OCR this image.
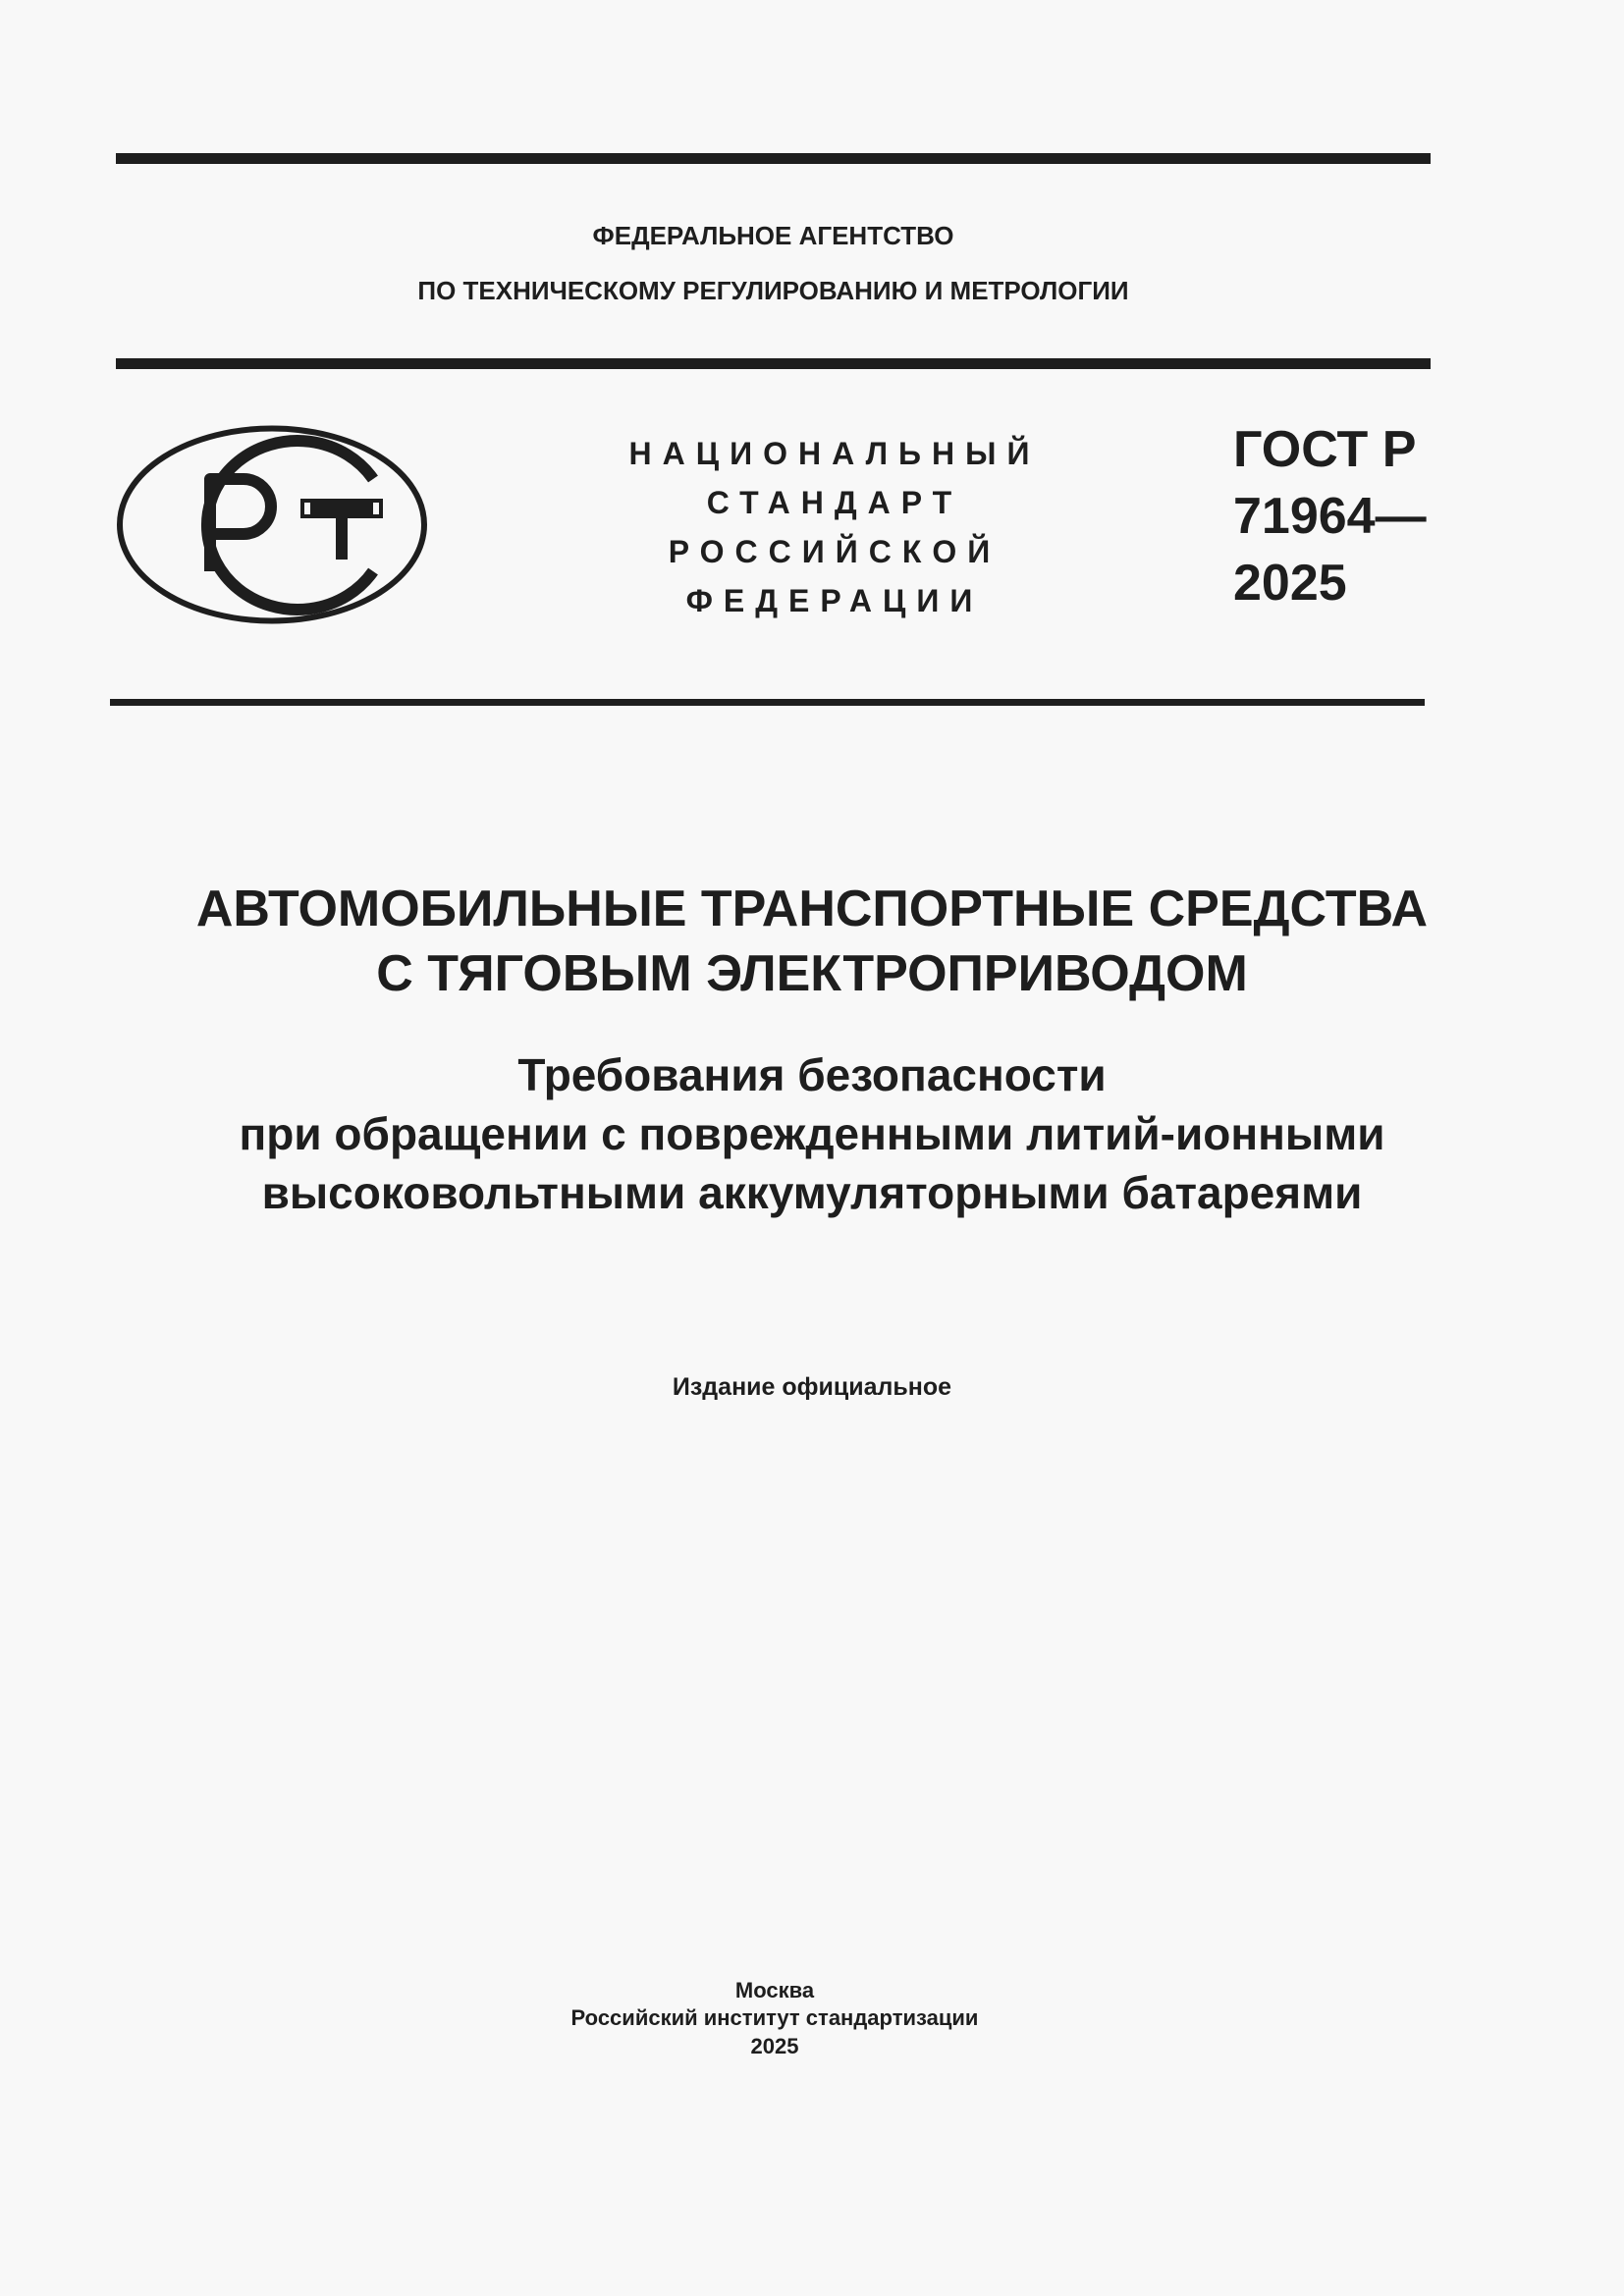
ФЕДЕРАЛЬНОЕ АГЕНТСТВО
ПО ТЕХНИЧЕСКОМУ РЕГУЛИРОВАНИЮ И МЕТРОЛОГИИ
НАЦИОНАЛЬНЫЙ
СТАНДАРТ
РОССИЙСКОЙ
ФЕДЕРАЦИИ
ГОСТ Р
71964—
2025
АВТОМОБИЛЬНЫЕ ТРАНСПОРТНЫЕ СРЕДСТВА
С ТЯГОВЫМ ЭЛЕКТРОПРИВОДОМ
Требования безопасности
при обращении с поврежденными литий-ионными
высоковольтными аккумуляторными батареями
Издание официальное
Москва
Российский институт стандартизации
2025
